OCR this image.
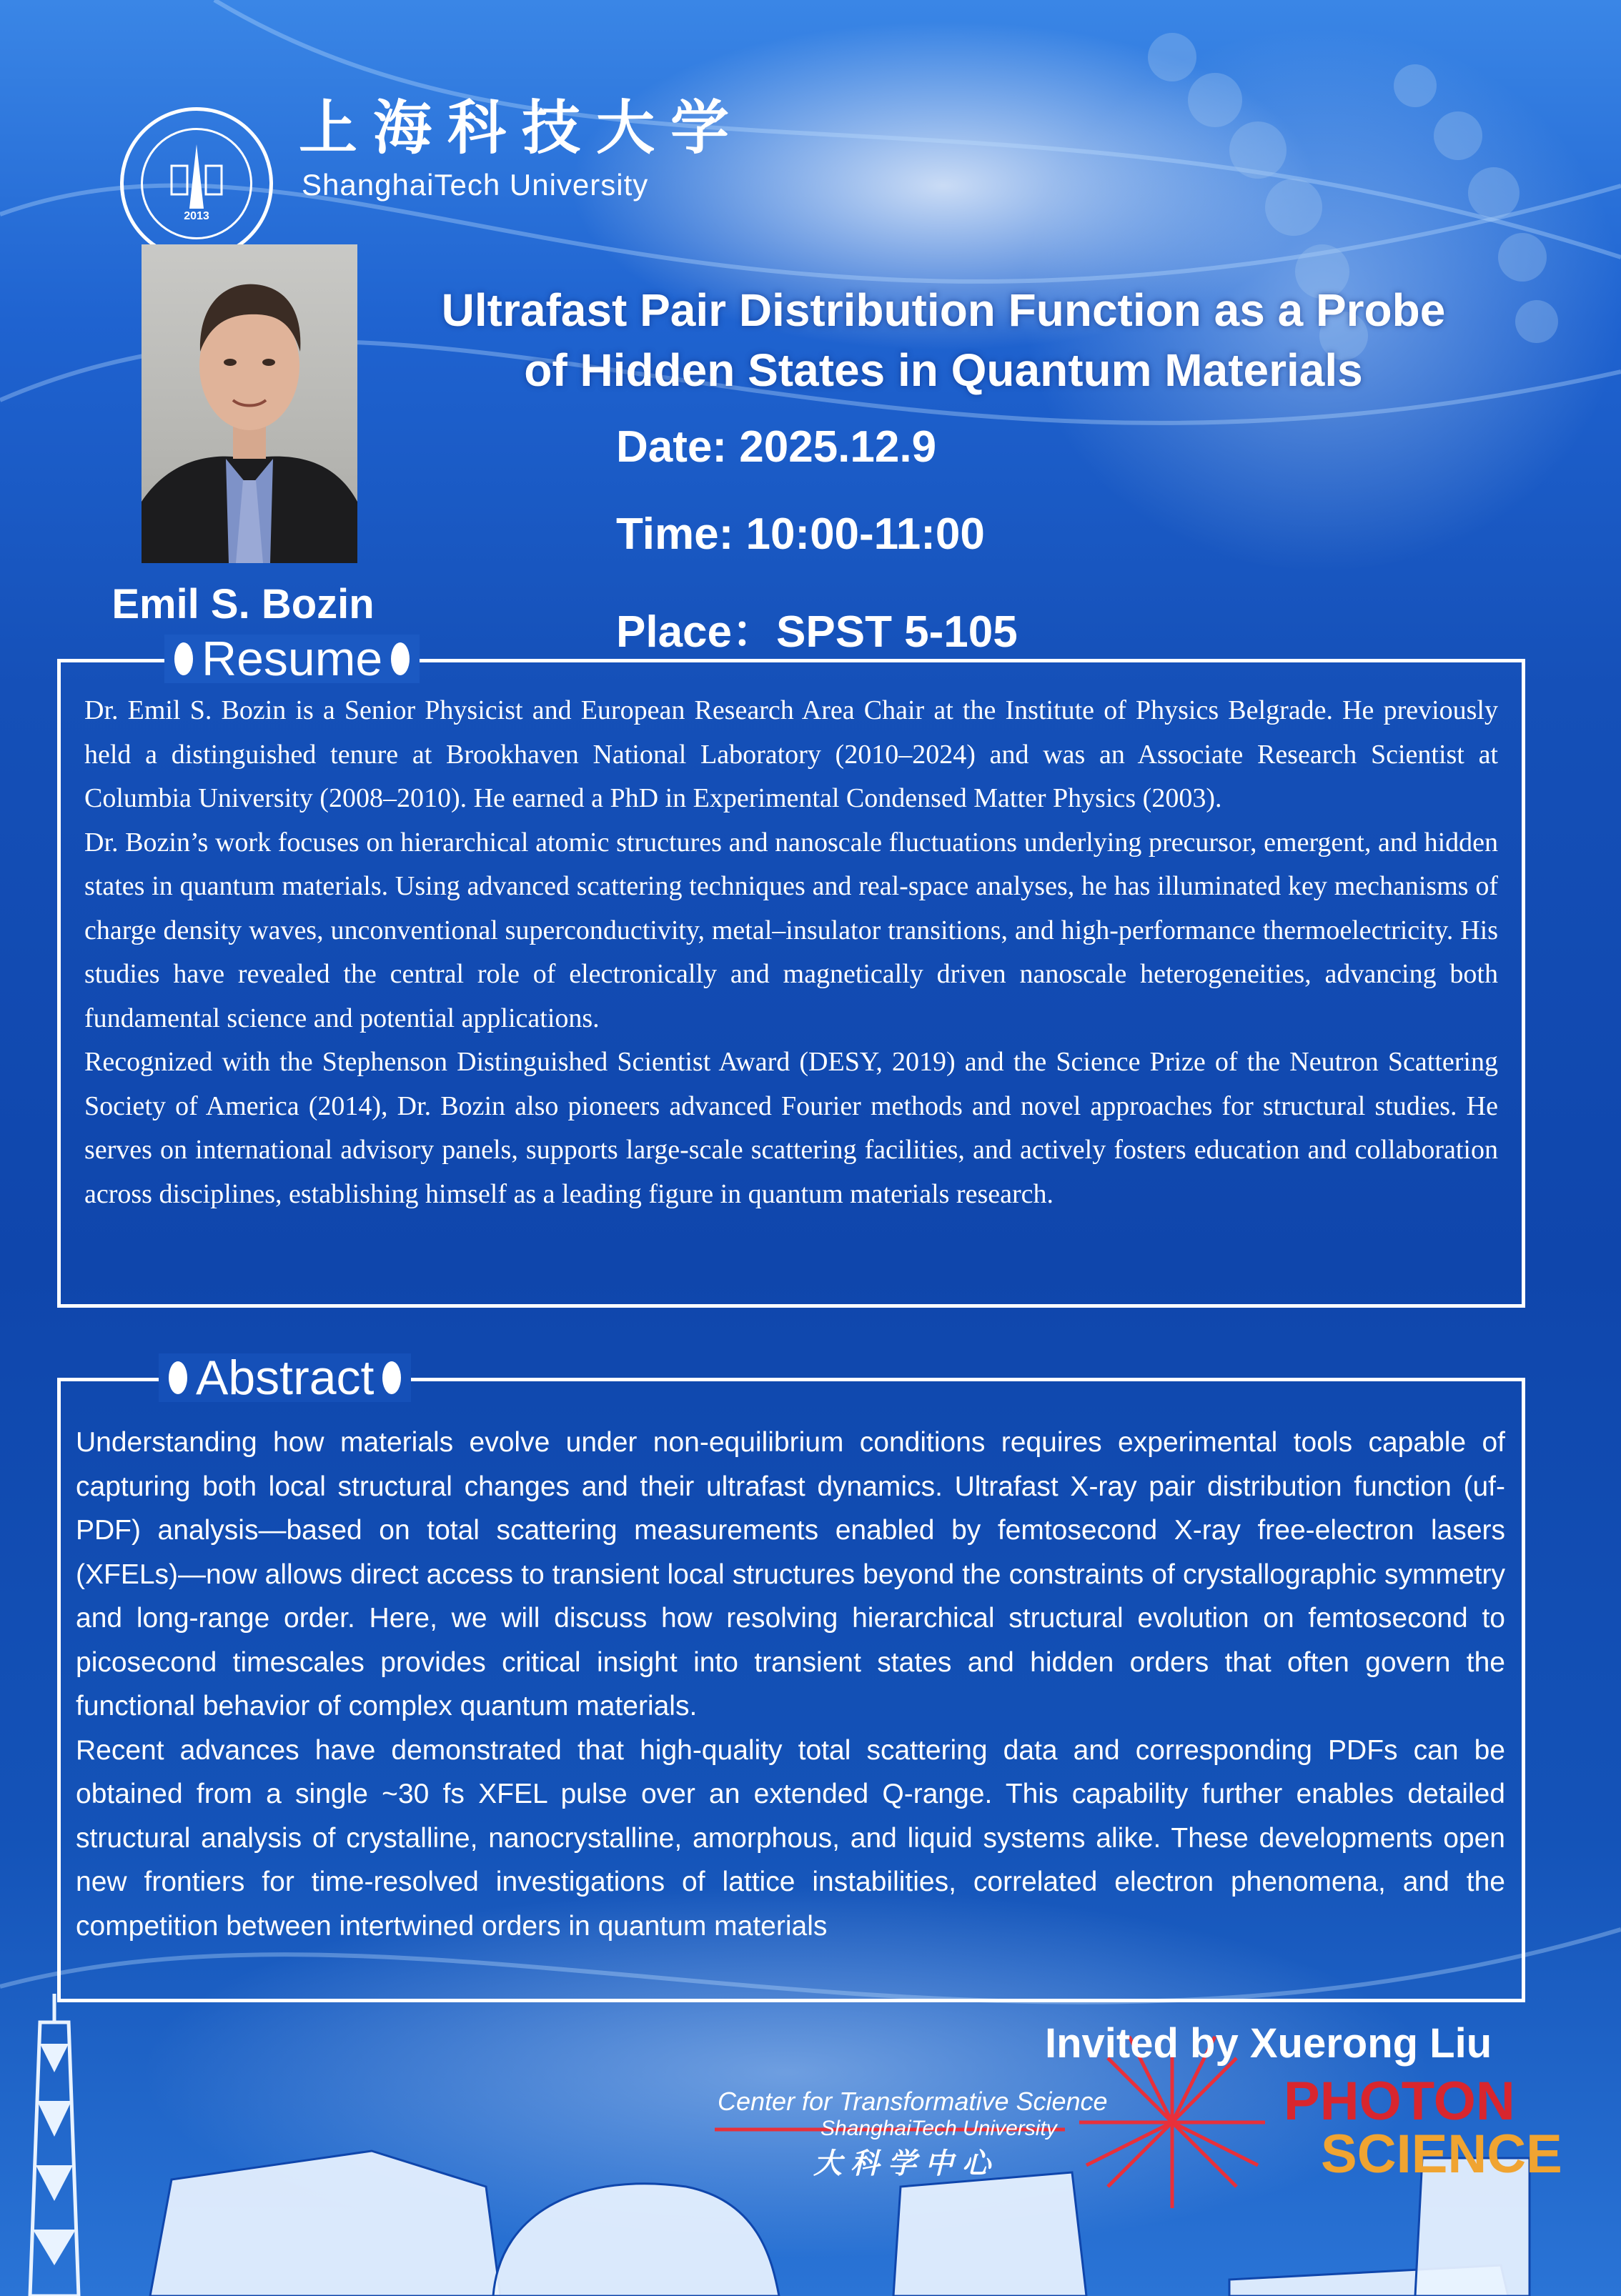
2013
上海科技大学
ShanghaiTech University
Emil S. Bozin
Ultrafast Pair Distribution Function as a Probe
of Hidden States in Quantum Materials
Date: 2025.12.9
Time: 10:00-11:00
Place：SPST 5-105
Resume

Dr. Emil S. Bozin is a Senior Physicist and European Research Area Chair at the Institute of Physics Belgrade. He previously held a distinguished tenure at Brookhaven National Laboratory (2010–2024) and was an Associate Research Scientist at Columbia University (2008–2010). He earned a PhD in Experimental Condensed Matter Physics (2003).

Dr. Bozin’s work focuses on hierarchical atomic structures and nanoscale fluctuations underlying precursor, emergent, and hidden states in quantum materials. Using advanced scattering techniques and real-space analyses, he has illuminated key mechanisms of charge density waves, unconventional superconductivity, metal–insulator transitions, and high-performance thermoelectricity. His studies have revealed the central role of electronically and magnetically driven nanoscale heterogeneities, advancing both fundamental science and potential applications.

Recognized with the Stephenson Distinguished Scientist Award (DESY, 2019) and the Science Prize of the Neutron Scattering Society of America (2014), Dr. Bozin also pioneers advanced Fourier methods and novel approaches for structural studies. He serves on international advisory panels, supports large-scale scattering facilities, and actively fosters education and collaboration across disciplines, establishing himself as a leading figure in quantum materials research.

Abstract

Understanding how materials evolve under non-equilibrium conditions requires experimental tools capable of capturing both local structural changes and their ultrafast dynamics. Ultrafast X-ray pair distribution function (uf-PDF) analysis—based on total scattering measurements enabled by femtosecond X-ray free-electron lasers (XFELs)—now allows direct access to transient local structures beyond the constraints of crystallographic symmetry and long-range order. Here, we will discuss how resolving hierarchical structural evolution on femtosecond to picosecond timescales provides critical insight into transient states and hidden orders that often govern the functional behavior of complex quantum materials.

Recent advances have demonstrated that high-quality total scattering data and corresponding PDFs can be obtained from a single ~30 fs XFEL pulse over an extended Q-range. This capability further enables detailed structural analysis of crystalline, nanocrystalline, amorphous, and liquid systems alike. These developments open new frontiers for time-resolved investigations of lattice instabilities, correlated electron phenomena, and the competition between intertwined orders in quantum materials

Invited by Xuerong Liu
Center for Transformative Science
ShanghaiTech University
大科学中心
PHOTON
SCIENCE
